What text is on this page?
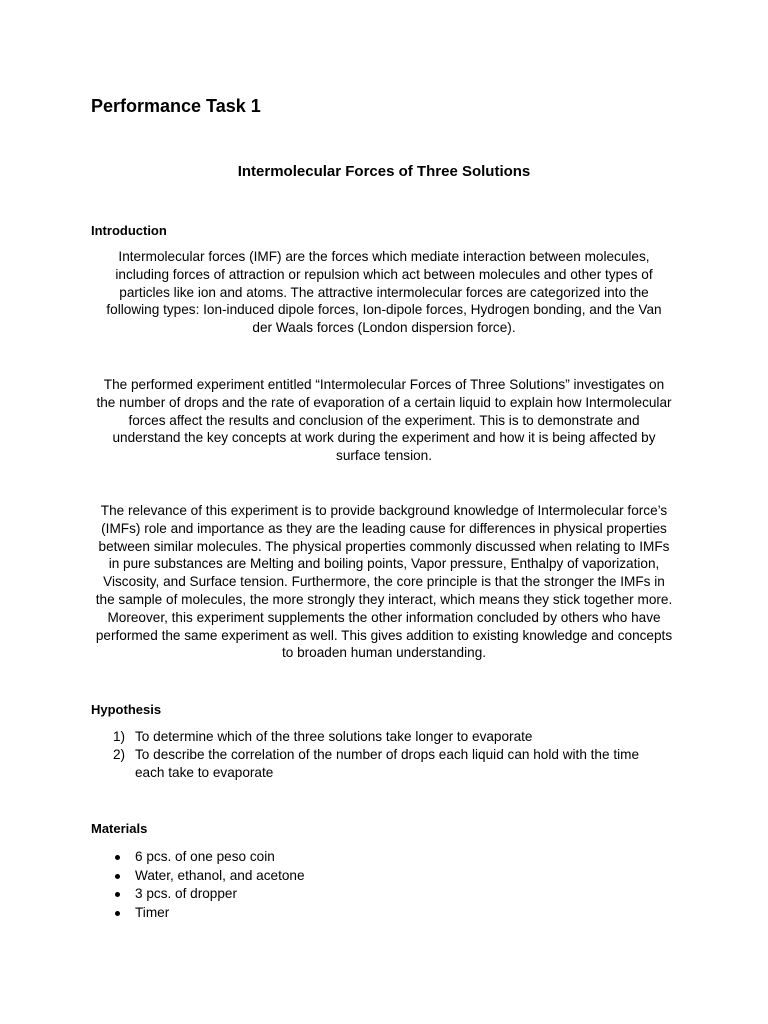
Performance Task 1
Intermolecular Forces of Three Solutions
Introduction

Intermolecular forces (IMF) are the forces which mediate interaction between molecules,
including forces of attraction or repulsion which act between molecules and other types of
particles like ion and atoms. The attractive intermolecular forces are categorized into the
following types: Ion-induced dipole forces, Ion-dipole forces, Hydrogen bonding, and the Van
der Waals forces (London dispersion force).

The performed experiment entitled “Intermolecular Forces of Three Solutions” investigates on
the number of drops and the rate of evaporation of a certain liquid to explain how Intermolecular
forces affect the results and conclusion of the experiment. This is to demonstrate and
understand the key concepts at work during the experiment and how it is being affected by
surface tension.

The relevance of this experiment is to provide background knowledge of Intermolecular force’s
(IMFs) role and importance as they are the leading cause for differences in physical properties
between similar molecules. The physical properties commonly discussed when relating to IMFs
in pure substances are Melting and boiling points, Vapor pressure, Enthalpy of vaporization,
Viscosity, and Surface tension. Furthermore, the core principle is that the stronger the IMFs in
the sample of molecules, the more strongly they interact, which means they stick together more.
Moreover, this experiment supplements the other information concluded by others who have
performed the same experiment as well. This gives addition to existing knowledge and concepts
to broaden human understanding.

Hypothesis
1) To determine which of the three solutions take longer to evaporate
2) To describe the correlation of the number of drops each liquid can hold with the time
each take to evaporate
Materials
6 pcs. of one peso coin
Water, ethanol, and acetone
3 pcs. of dropper
Timer
